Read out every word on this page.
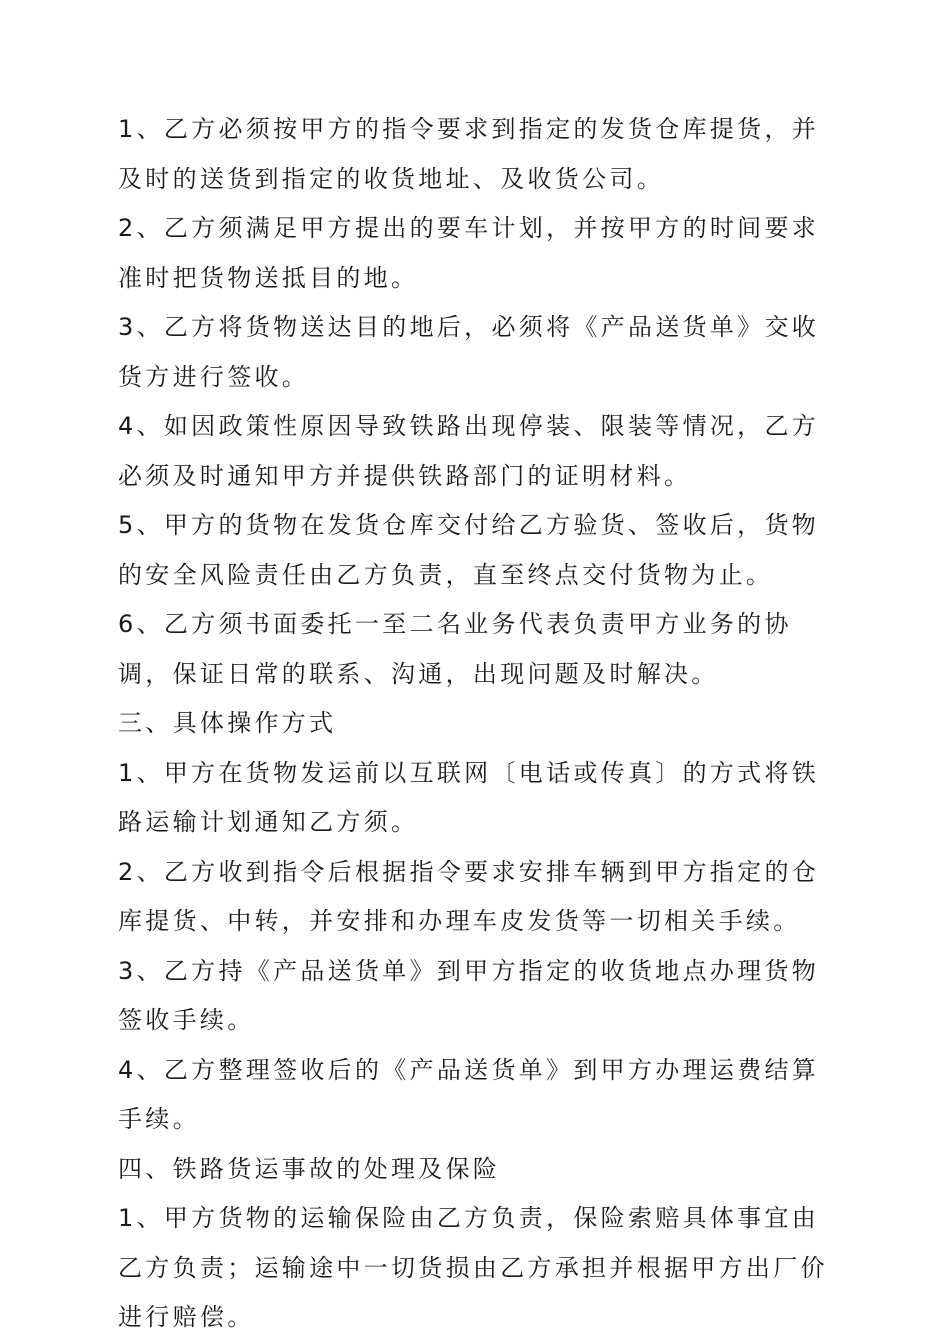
1、乙方必须按甲方的指令要求到指定的发货仓库提货，并及时的送货到指定的收货地址、及收货公司。

2、乙方须满足甲方提出的要车计划，并按甲方的时间要求准时把货物送抵目的地。

3、乙方将货物送达目的地后，必须将《产品送货单》交收货方进行签收。

4、如因政策性原因导致铁路出现停装、限装等情况，乙方必须及时通知甲方并提供铁路部门的证明材料。

5、甲方的货物在发货仓库交付给乙方验货、签收后，货物的安全风险责任由乙方负责，直至终点交付货物为止。

6、乙方须书面委托一至二名业务代表负责甲方业务的协调，保证日常的联系、沟通，出现问题及时解决。

三、具体操作方式

1、甲方在货物发运前以互联网〔电话或传真〕的方式将铁路运输计划通知乙方须。

2、乙方收到指令后根据指令要求安排车辆到甲方指定的仓库提货、中转，并安排和办理车皮发货等一切相关手续。

3、乙方持《产品送货单》到甲方指定的收货地点办理货物签收手续。

4、乙方整理签收后的《产品送货单》到甲方办理运费结算手续。

四、铁路货运事故的处理及保险

1、甲方货物的运输保险由乙方负责，保险索赔具体事宜由乙方负责；运输途中一切货损由乙方承担并根据甲方出厂价进行赔偿。
